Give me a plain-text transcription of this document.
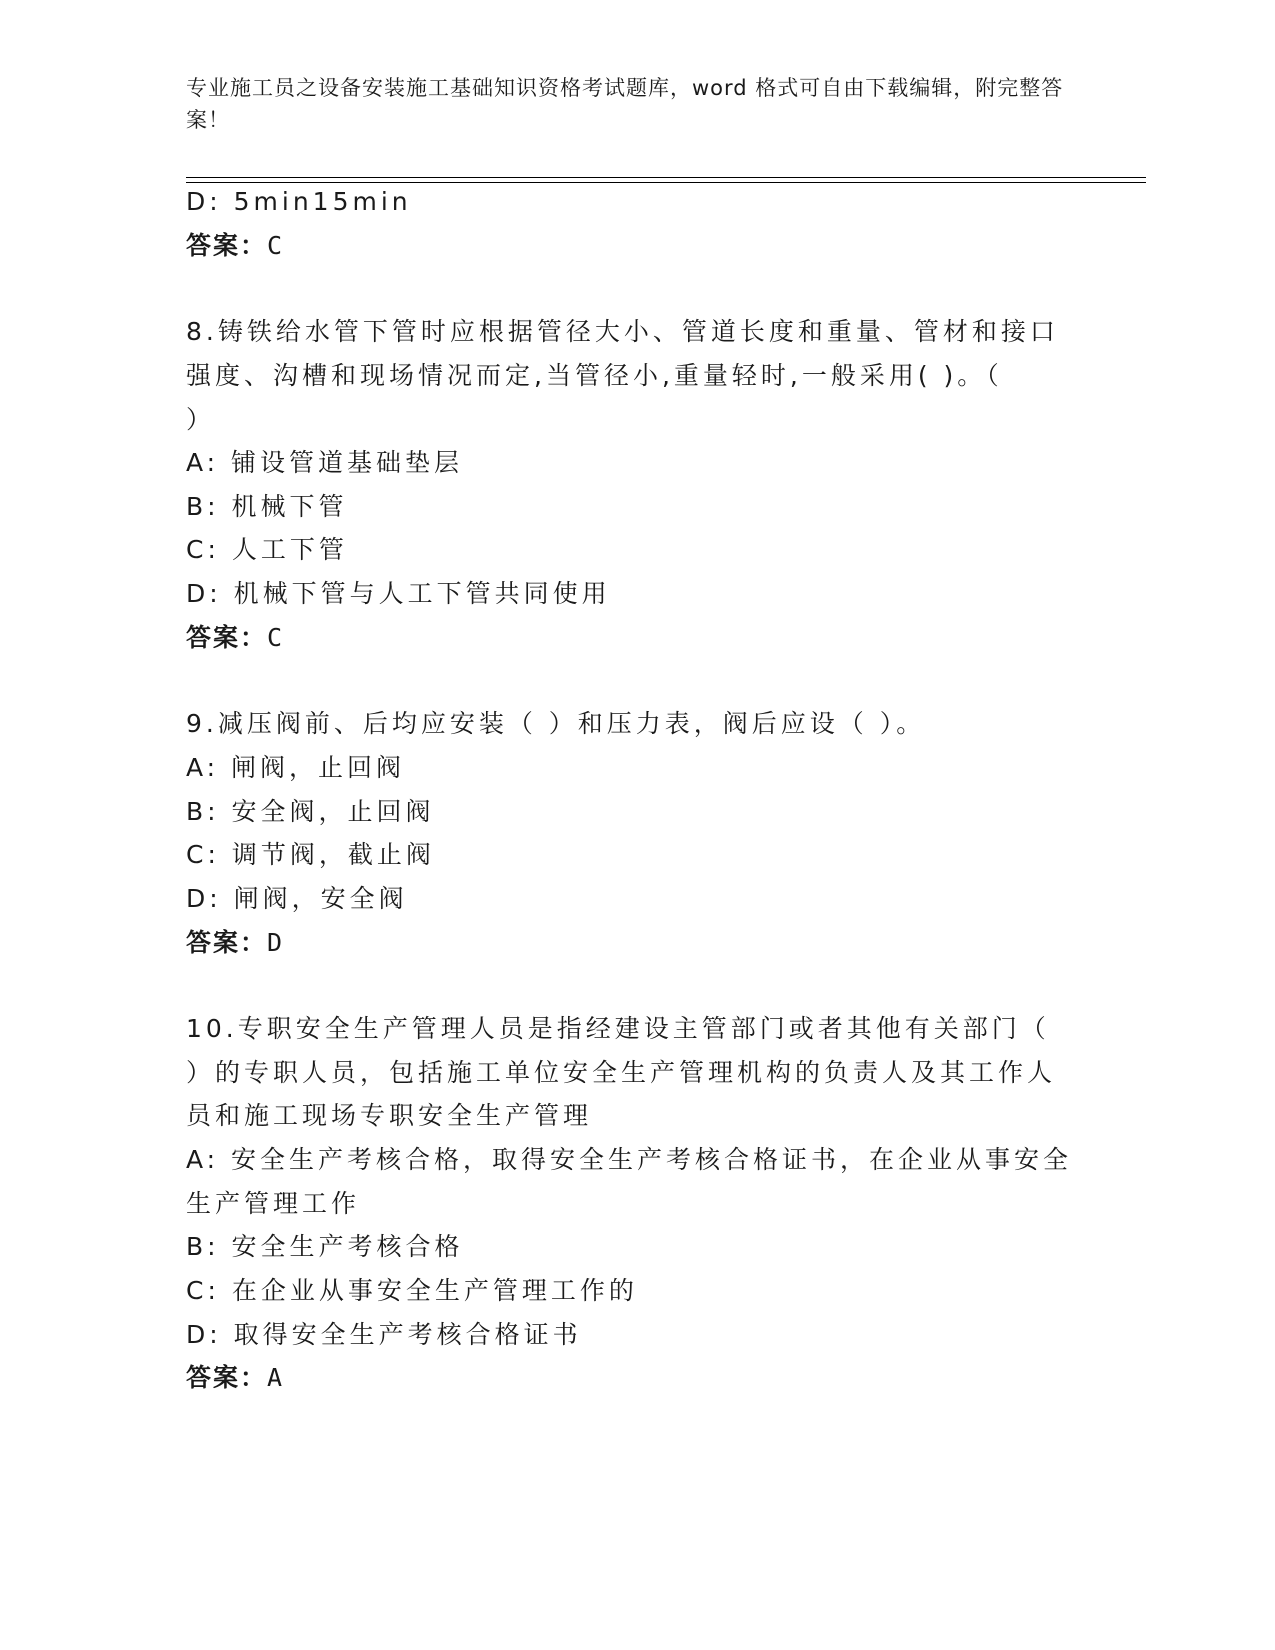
专业施工员之设备安装施工基础知识资格考试题库，word 格式可自由下载编辑，附完整答案！
D: 5min15min
答案：C
8.铸铁给水管下管时应根据管径大小、管道长度和重量、管材和接口
强度、沟槽和现场情况而定,当管径小,重量轻时,一般采用( )。（
）
A: 铺设管道基础垫层
B: 机械下管
C: 人工下管
D: 机械下管与人工下管共同使用
答案：C
9.减压阀前、后均应安装（ ）和压力表，阀后应设（ ）。
A: 闸阀，止回阀
B: 安全阀，止回阀
C: 调节阀，截止阀
D: 闸阀，安全阀
答案：D
10.专职安全生产管理人员是指经建设主管部门或者其他有关部门（
）的专职人员，包括施工单位安全生产管理机构的负责人及其工作人
员和施工现场专职安全生产管理
A: 安全生产考核合格，取得安全生产考核合格证书，在企业从事安全
生产管理工作
B: 安全生产考核合格
C: 在企业从事安全生产管理工作的
D: 取得安全生产考核合格证书
答案：A
